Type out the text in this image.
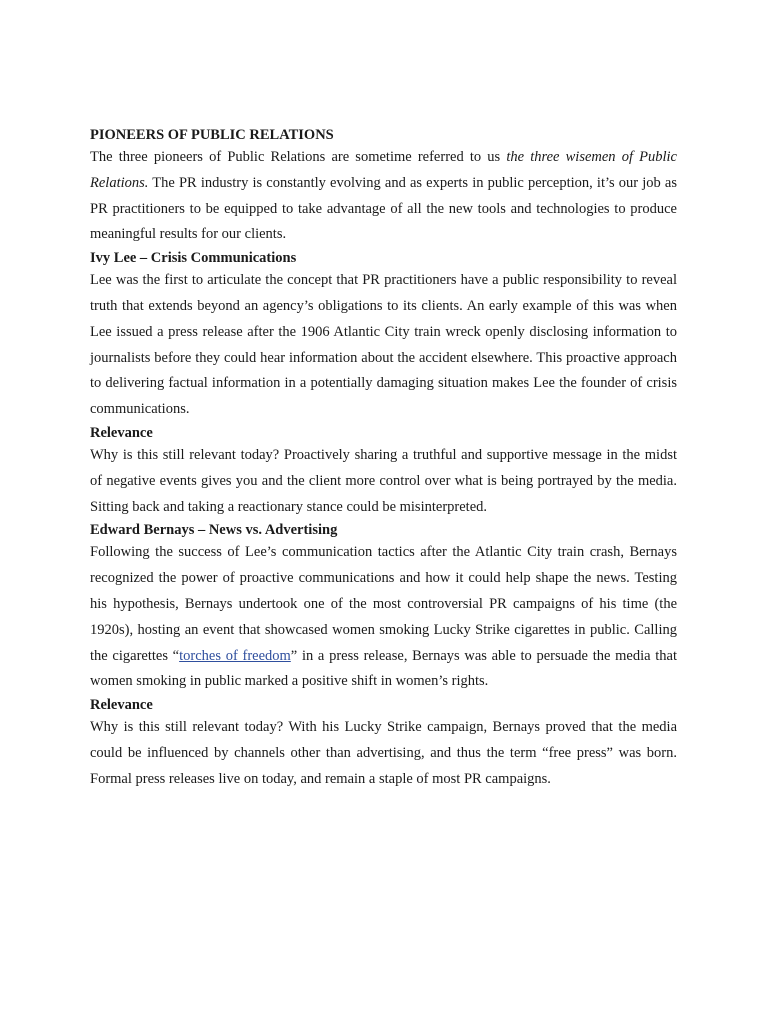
PIONEERS OF PUBLIC RELATIONS

The three pioneers of Public Relations are sometime referred to us the three wisemen of Public Relations. The PR industry is constantly evolving and as experts in public perception, it’s our job as PR practitioners to be equipped to take advantage of all the new tools and technologies to produce meaningful results for our clients.

Ivy Lee – Crisis Communications

Lee was the first to articulate the concept that PR practitioners have a public responsibility to reveal truth that extends beyond an agency’s obligations to its clients. An early example of this was when Lee issued a press release after the 1906 Atlantic City train wreck openly disclosing information to journalists before they could hear information about the accident elsewhere. This proactive approach to delivering factual information in a potentially damaging situation makes Lee the founder of crisis communications.

Relevance

Why is this still relevant today? Proactively sharing a truthful and supportive message in the midst of negative events gives you and the client more control over what is being portrayed by the media. Sitting back and taking a reactionary stance could be misinterpreted.

Edward Bernays – News vs. Advertising

Following the success of Lee’s communication tactics after the Atlantic City train crash, Bernays recognized the power of proactive communications and how it could help shape the news. Testing his hypothesis, Bernays undertook one of the most controversial PR campaigns of his time (the 1920s), hosting an event that showcased women smoking Lucky Strike cigarettes in public. Calling the cigarettes “torches of freedom” in a press release, Bernays was able to persuade the media that women smoking in public marked a positive shift in women’s rights.

Relevance

Why is this still relevant today? With his Lucky Strike campaign, Bernays proved that the media could be influenced by channels other than advertising, and thus the term “free press” was born. Formal press releases live on today, and remain a staple of most PR campaigns.
